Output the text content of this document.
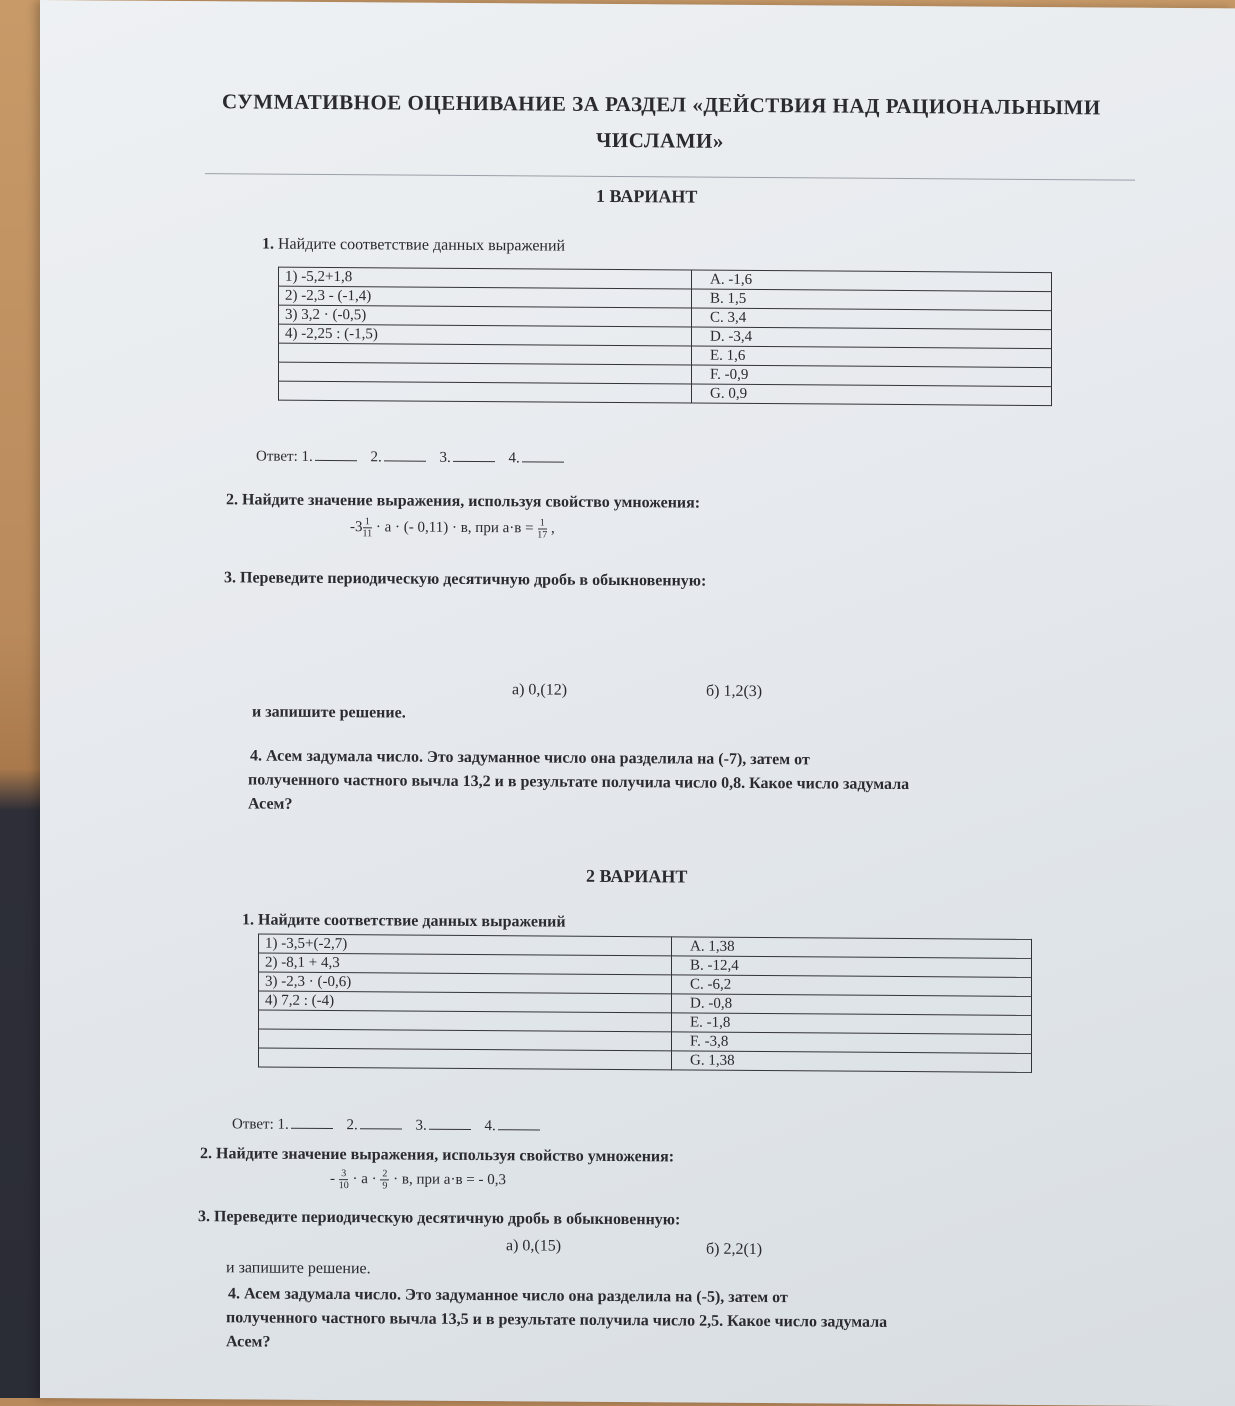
СУММАТИВНОЕ ОЦЕНИВАНИЕ ЗА РАЗДЕЛ «ДЕЙСТВИЯ НАД РАЦИОНАЛЬНЫМИ
ЧИСЛАМИ»
1 ВАРИАНТ
1. Найдите соответствие данных выражений
1) -5,2+1,8	A. -1,6
2) -2,3 - (-1,4)	B. 1,5
3) 3,2 · (-0,5)	C. 3,4
4) -2,25 : (-1,5)	D. -3,4
	E. 1,6
	F. -0,9
	G. 0,9
Ответ: 1.	2.	3.	4.
2. Найдите значение выражения, используя свойство умножения:
$-3 \frac{1}{11} \cdot а$ · (- 0,11) · в, при $а\cdot в = \frac{1}{17}$ ,
3. Переведите периодическую десятичную дробь в обыкновенную:
а) 0,(12)	б) 1,2(3)
и запишите решение.
4. Асем задумала число. Это задуманное число она разделила на (-7), затем от
полученного частного вычла 13,2 и в результате получила число 0,8. Какое число задумала
Асем?
2 ВАРИАНТ
1. Найдите соответствие данных выражений
1) -3,5+(-2,7)	A. 1,38
2) -8,1 + 4,3	B. -12,4
3) -2,3 · (-0,6)	C. -6,2
4) 7,2 : (-4)	D. -0,8
	E. -1,8
	F. -3,8
	G. 1,38
Ответ: 1.	2.	3.	4.
2. Найдите значение выражения, используя свойство умножения:
- $\frac{3}{10} \cdot а \cdot \frac{2}{9} \cdot в$, при а·в = - 0,3
3. Переведите периодическую десятичную дробь в обыкновенную:
а) 0,(15)	б) 2,2(1)
и запишите решение.
4. Асем задумала число. Это задуманное число она разделила на (-5), затем от
полученного частного вычла 13,5 и в результате получила число 2,5. Какое число задумала
Асем?
